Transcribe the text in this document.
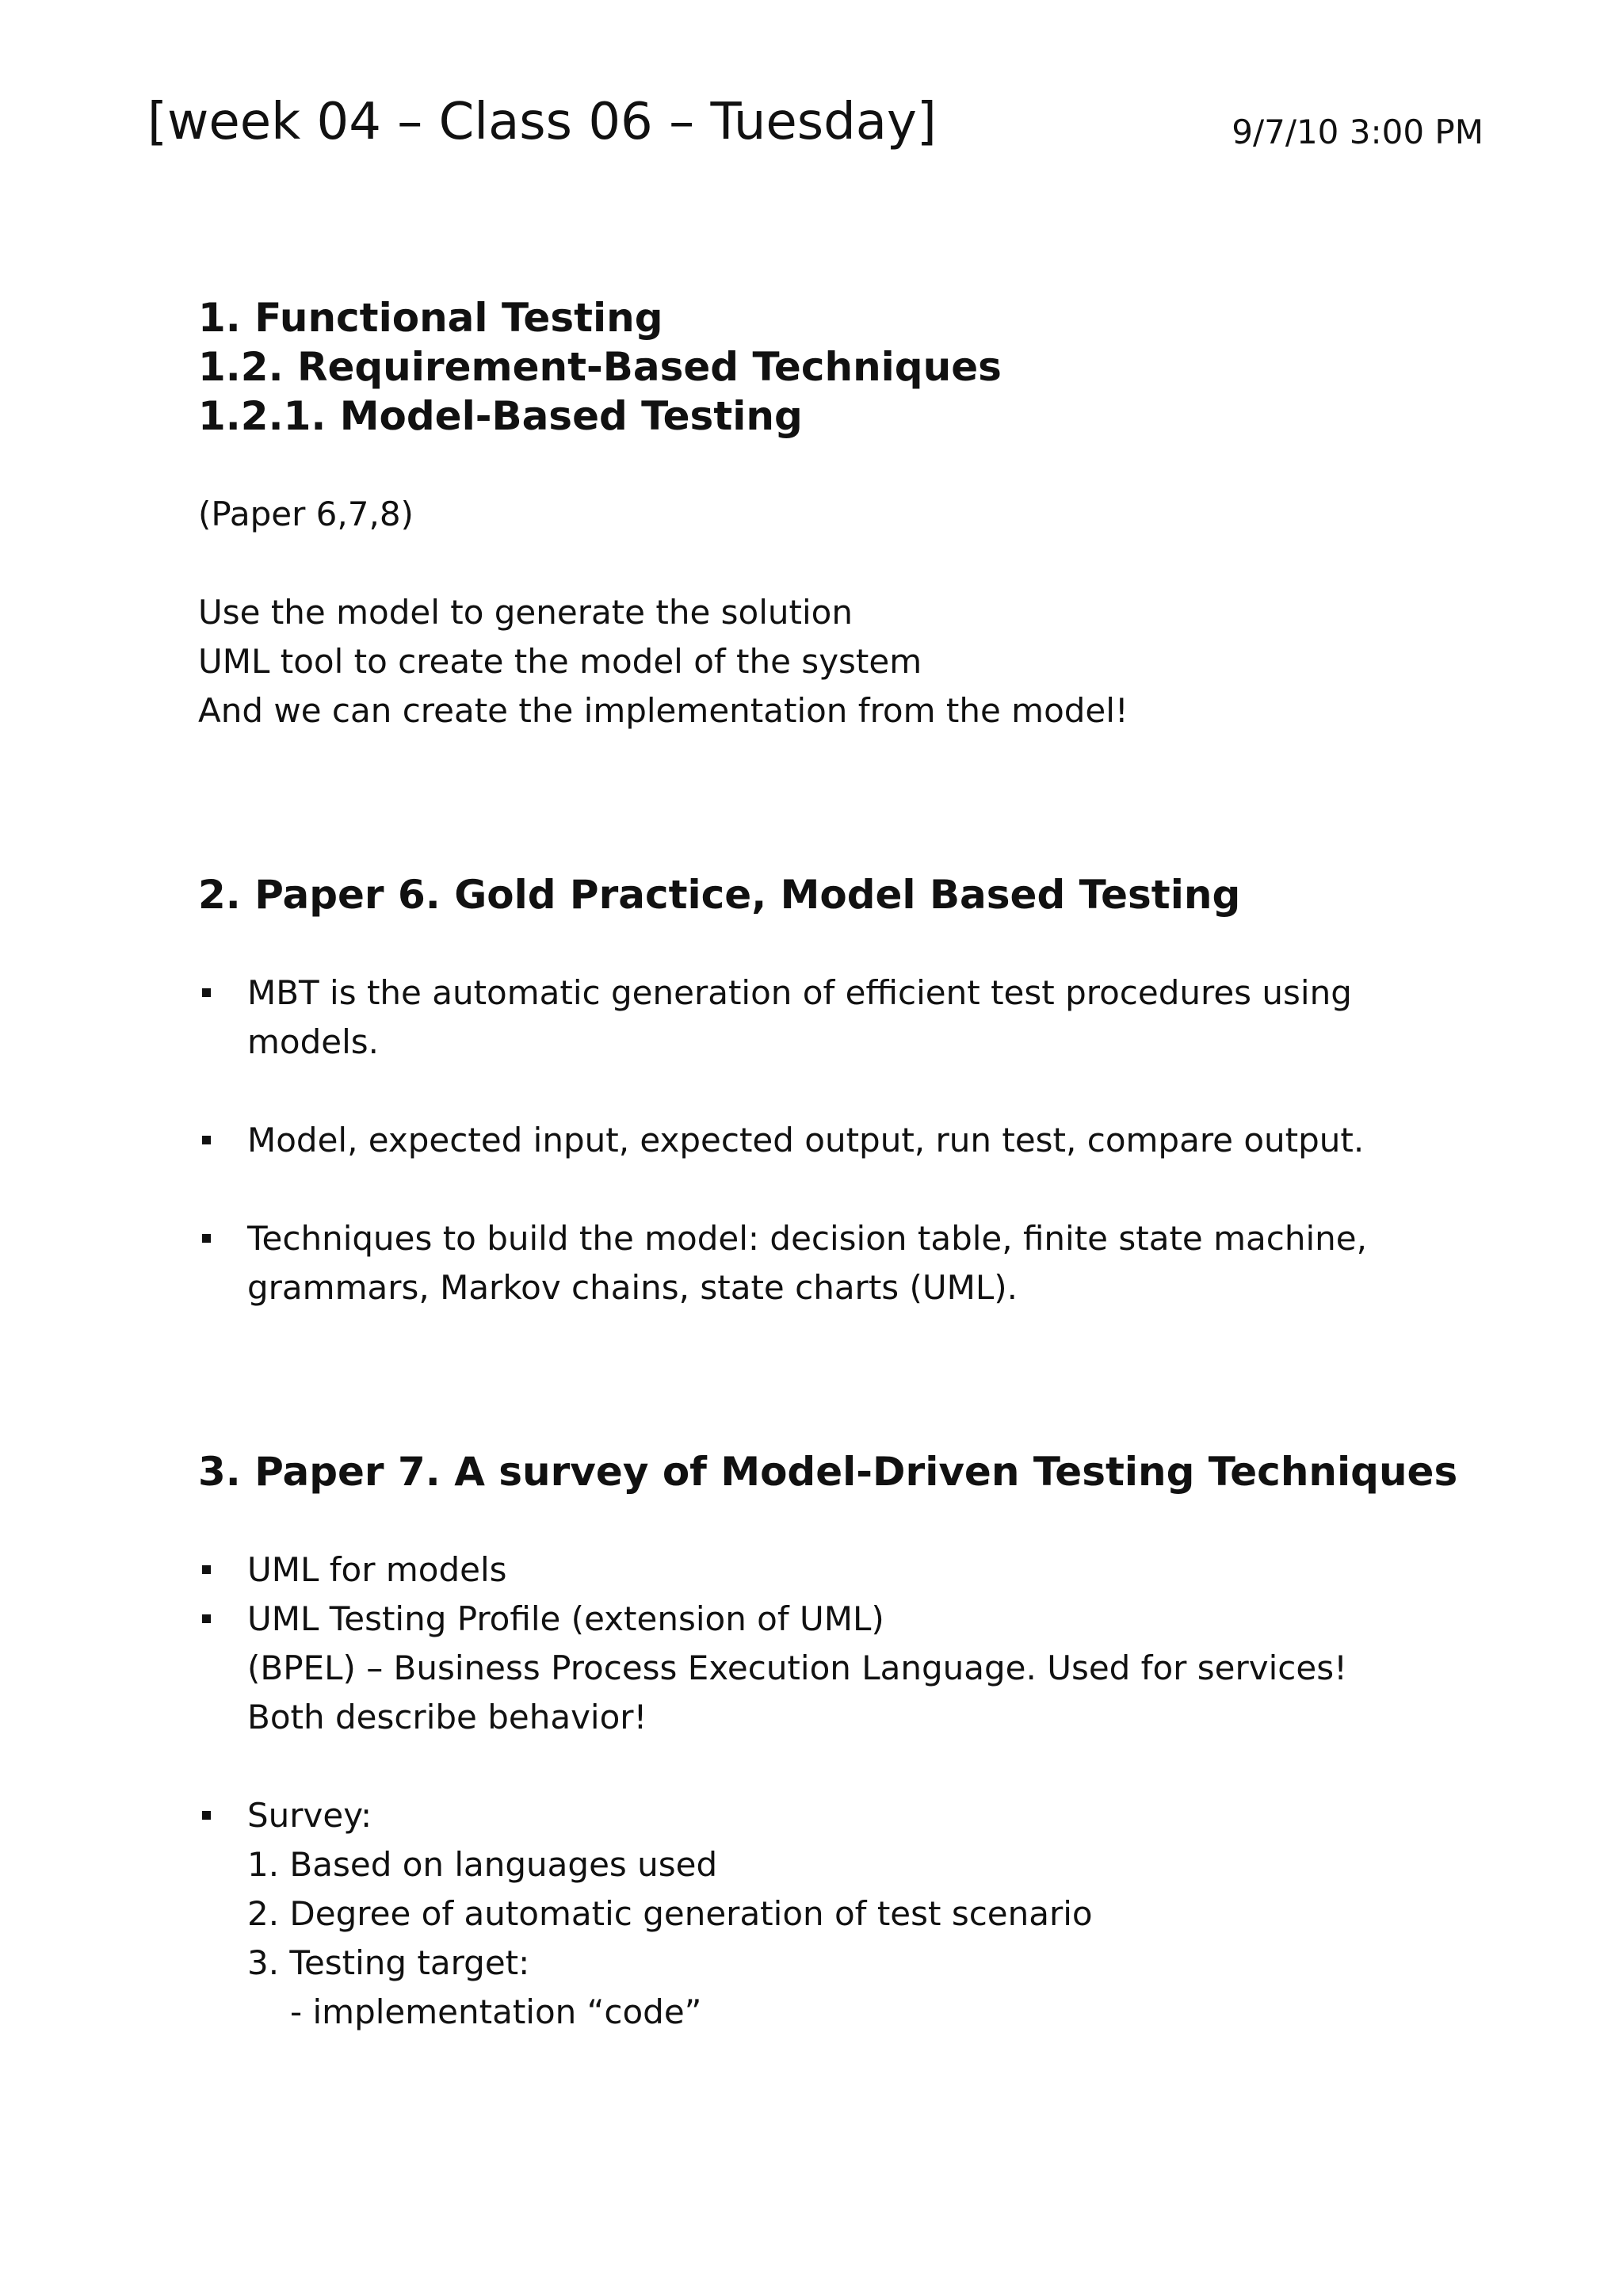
[week 04 – Class 06 – Tuesday]	9/7/10 3:00 PM
1. Functional Testing
1.2. Requirement-Based Techniques
1.2.1. Model-Based Testing
(Paper 6,7,8)
Use the model to generate the solution
UML tool to create the model of the system
And we can create the implementation from the model!
2. Paper 6. Gold Practice, Model Based Testing
MBT is the automatic generation of efficient test procedures using
models.
Model, expected input, expected output, run test, compare output.
Techniques to build the model: decision table, finite state machine,
grammars, Markov chains, state charts (UML).
3. Paper 7. A survey of Model-Driven Testing Techniques
UML for models
UML Testing Profile (extension of UML)
(BPEL) – Business Process Execution Language. Used for services!
Both describe behavior!
Survey:
1. Based on languages used
2. Degree of automatic generation of test scenario
3. Testing target:
- implementation “code”
